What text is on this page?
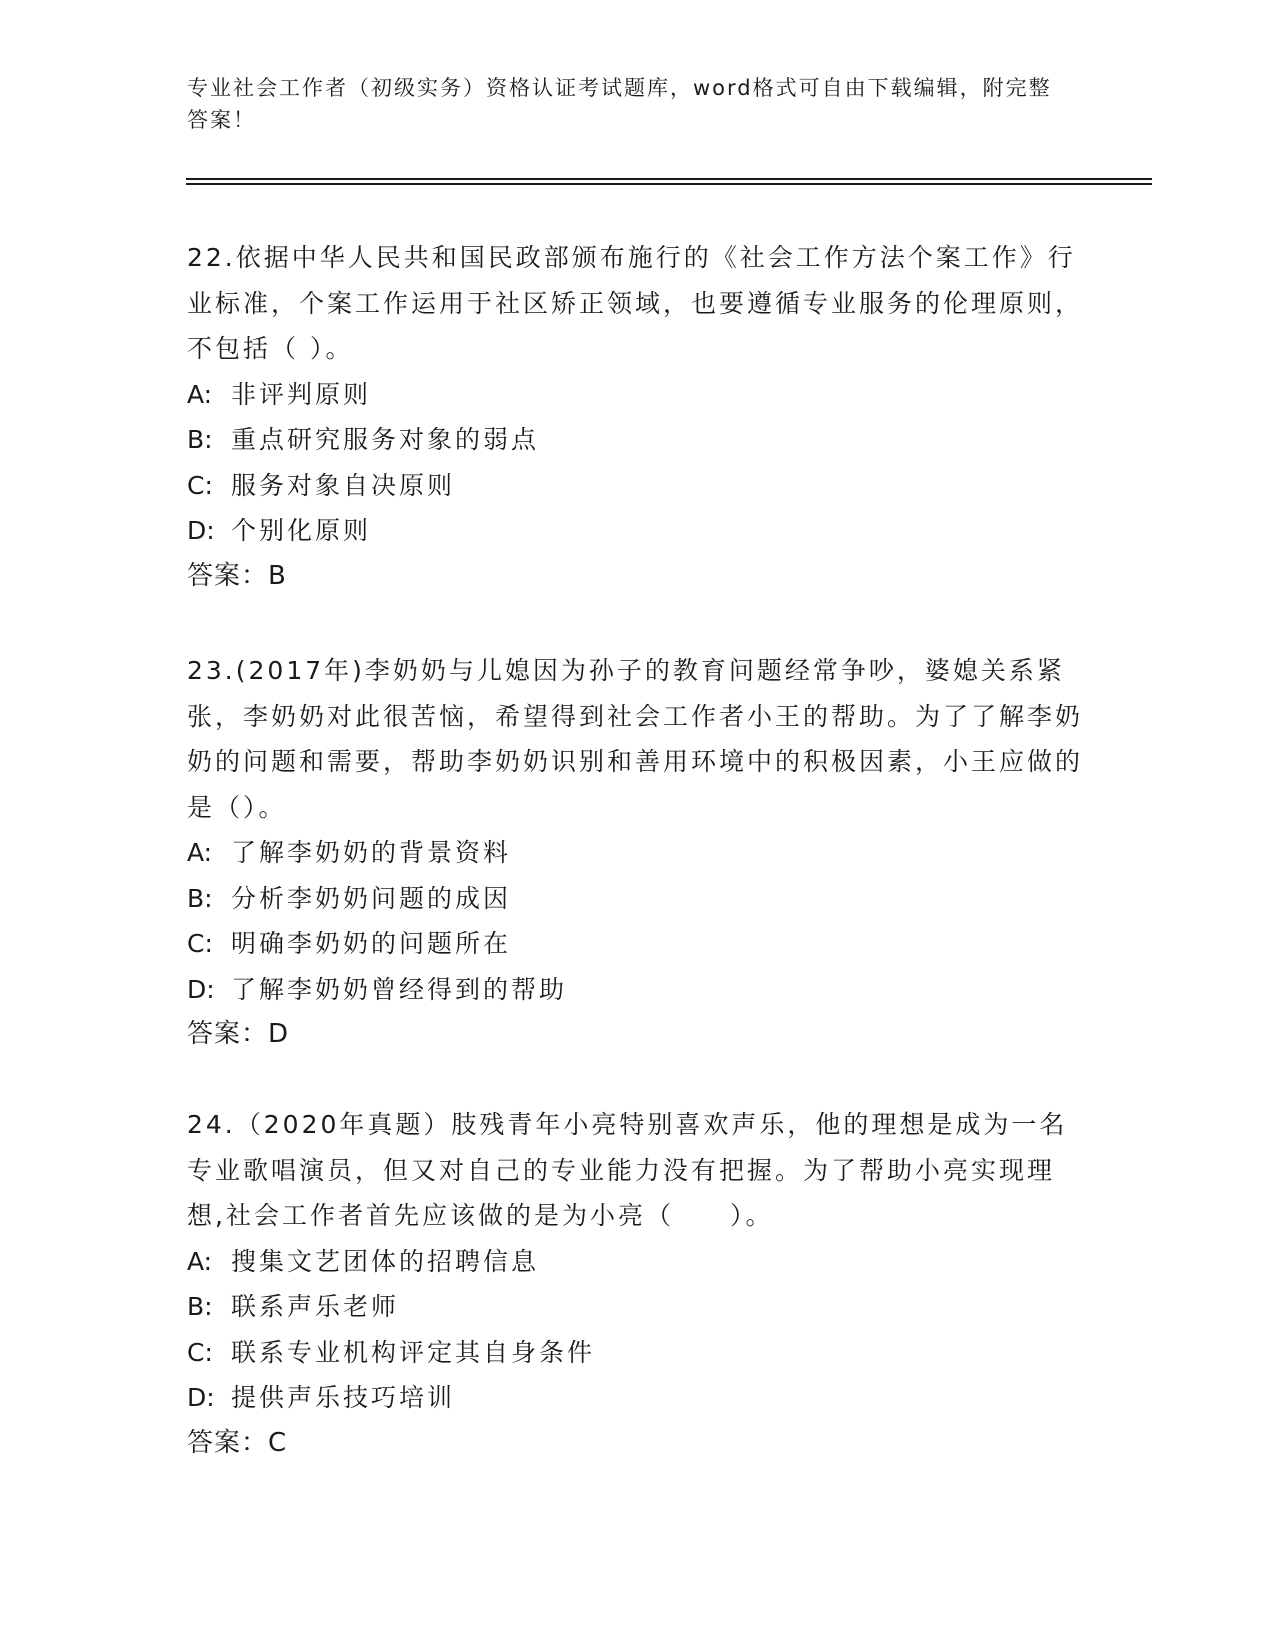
专业社会工作者（初级实务）资格认证考试题库，word格式可自由下载编辑，附完整答案！

22.依据中华人民共和国民政部颁布施行的《社会工作方法个案工作》行业标准，个案工作运用于社区矫正领域，也要遵循专业服务的伦理原则，不包括（ ）。

A: 非评判原则
B: 重点研究服务对象的弱点
C: 服务对象自决原则
D: 个别化原则

答案：B

23.(2017年)李奶奶与儿媳因为孙子的教育问题经常争吵，婆媳关系紧张，李奶奶对此很苦恼，希望得到社会工作者小王的帮助。为了了解李奶奶的问题和需要，帮助李奶奶识别和善用环境中的积极因素，小王应做的是（）。

A: 了解李奶奶的背景资料
B: 分析李奶奶问题的成因
C: 明确李奶奶的问题所在
D: 了解李奶奶曾经得到的帮助

答案：D

24.（2020年真题）肢残青年小亮特别喜欢声乐，他的理想是成为一名专业歌唱演员，但又对自己的专业能力没有把握。为了帮助小亮实现理想,社会工作者首先应该做的是为小亮（　　）。

A: 搜集文艺团体的招聘信息
B: 联系声乐老师
C: 联系专业机构评定其自身条件
D: 提供声乐技巧培训

答案：C
